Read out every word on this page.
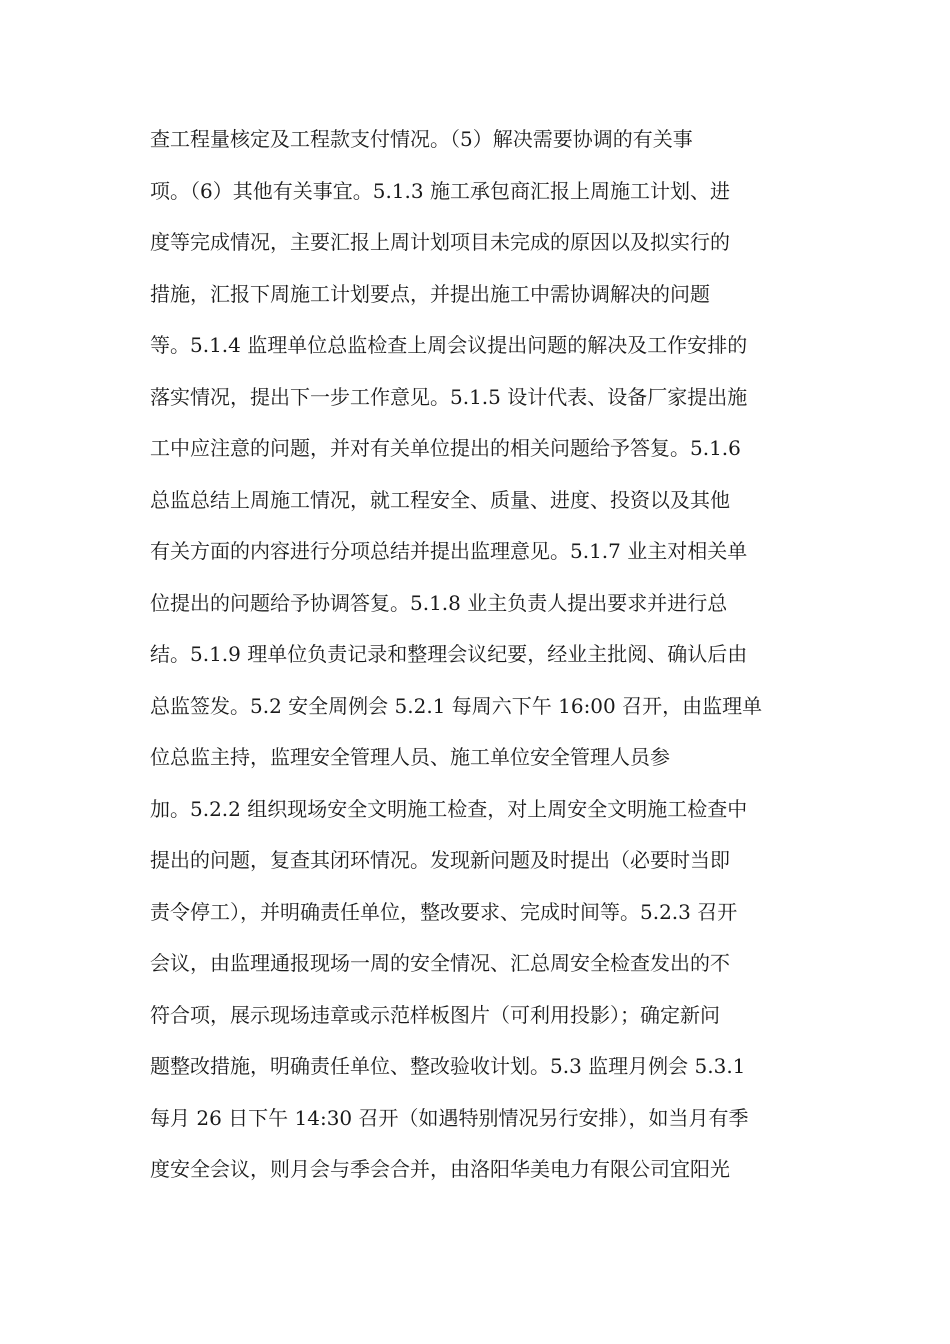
查工程量核定及工程款支付情况。（5）解决需要协调的有关事
项。（6）其他有关事宜。5.1.3 施工承包商汇报上周施工计划、进
度等完成情况，主要汇报上周计划项目未完成的原因以及拟实行的
措施，汇报下周施工计划要点，并提出施工中需协调解决的问题
等。5.1.4 监理单位总监检查上周会议提出问题的解决及工作安排的
落实情况，提出下一步工作意见。5.1.5 设计代表、设备厂家提出施
工中应注意的问题，并对有关单位提出的相关问题给予答复。5.1.6
总监总结上周施工情况，就工程安全、质量、进度、投资以及其他
有关方面的内容进行分项总结并提出监理意见。5.1.7 业主对相关单
位提出的问题给予协调答复。5.1.8 业主负责人提出要求并进行总
结。5.1.9 理单位负责记录和整理会议纪要，经业主批阅、确认后由
总监签发。5.2 安全周例会 5.2.1 每周六下午 16:00 召开，由监理单
位总监主持，监理安全管理人员、施工单位安全管理人员参
加。5.2.2 组织现场安全文明施工检查，对上周安全文明施工检查中
提出的问题，复查其闭环情况。发现新问题及时提出（必要时当即
责令停工），并明确责任单位，整改要求、完成时间等。5.2.3 召开
会议，由监理通报现场一周的安全情况、汇总周安全检查发出的不
符合项，展示现场违章或示范样板图片（可利用投影）；确定新问
题整改措施，明确责任单位、整改验收计划。5.3 监理月例会 5.3.1
每月 26 日下午 14:30 召开（如遇特别情况另行安排），如当月有季
度安全会议，则月会与季会合并，由洛阳华美电力有限公司宜阳光
